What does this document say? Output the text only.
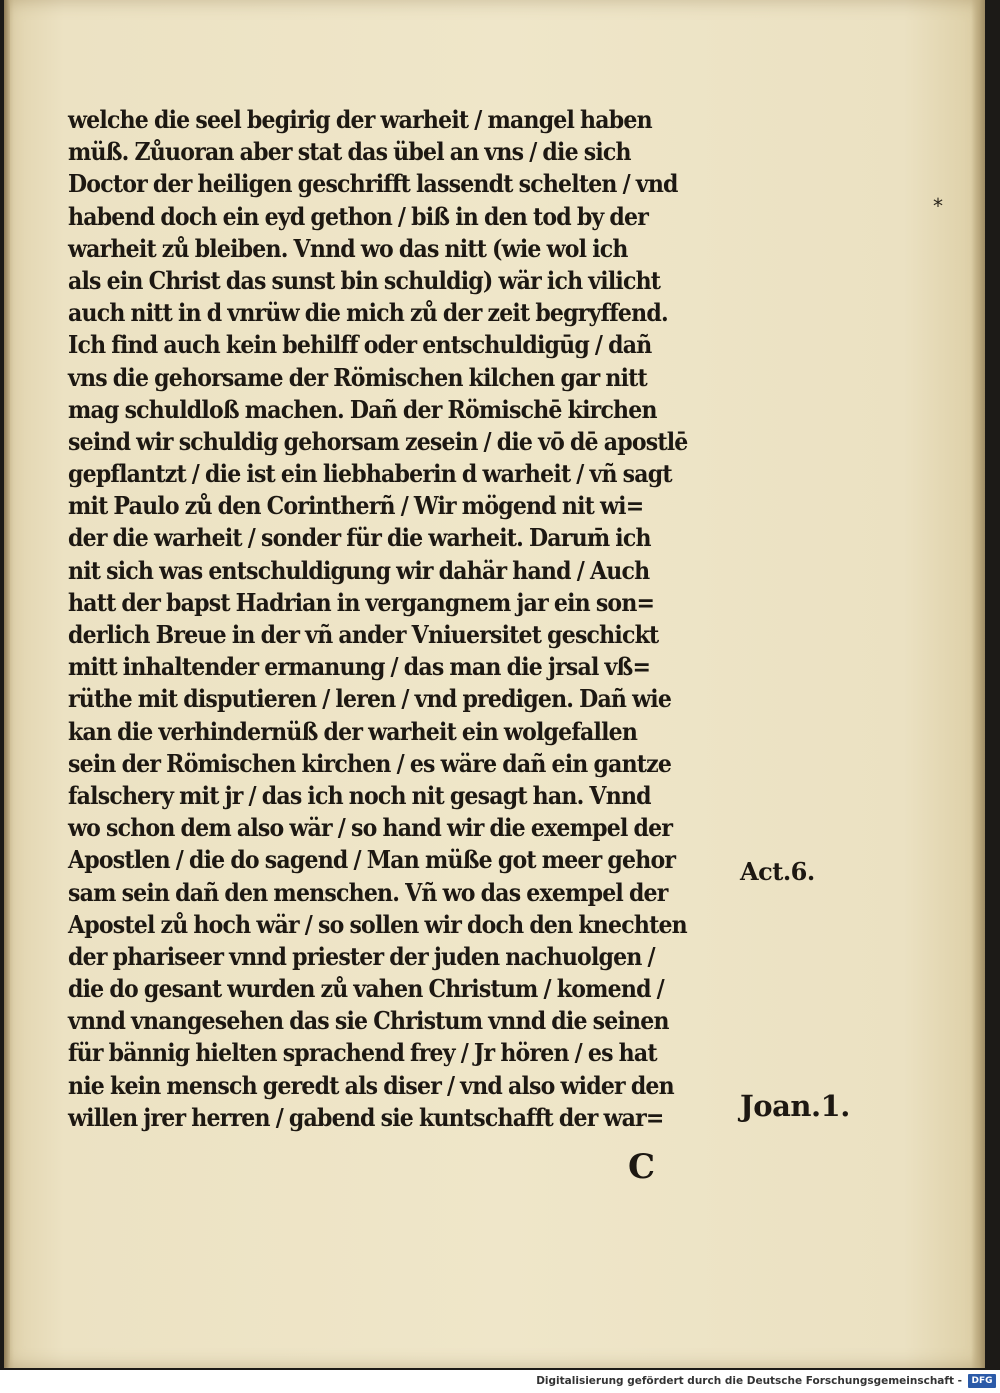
welche die seel begirig der warheit / mangel haben
müß. Zůuoran aber stat das übel an vns / die sich
Doctor der heiligen geschrifft lassendt schelten / vnd
habend doch ein eyd gethon / biß in den tod by der
warheit zů bleiben. Vnnd wo das nitt (wie wol ich
als ein Christ das sunst bin schuldig) wär ich vilicht
auch nitt in d vnrüw die mich zů der zeit begryffend.
Ich find auch kein behilff oder entschuldigūg / dañ
vns die gehorsame der Römischen kilchen gar nitt
mag schuldloß machen. Dañ der Römischē kirchen
seind wir schuldig gehorsam zesein / die vō dē apostlē
gepflantzt / die ist ein liebhaberin d warheit / vñ sagt
mit Paulo zů den Corintherñ / Wir mögend nit wi=
der die warheit / sonder für die warheit. Darum̄ ich
nit sich was entschuldigung wir dahär hand / Auch
hatt der bapst Hadrian in vergangnem jar ein son=
derlich Breue in der vñ ander Vniuersitet geschickt
mitt inhaltender ermanung / das man die jrsal vß=
rüthe mit disputieren / leren / vnd predigen. Dañ wie
kan die verhindernüß der warheit ein wolgefallen
sein der Römischen kirchen / es wäre dañ ein gantze
falschery mit jr / das ich noch nit gesagt han. Vnnd
wo schon dem also wär / so hand wir die exempel der
Apostlen / die do sagend / Man müße got meer gehor
sam sein dañ den menschen. Vñ wo das exempel der
Apostel zů hoch wär / so sollen wir doch den knechten
der phariseer vnnd priester der juden nachuolgen /
die do gesant wurden zů vahen Christum / komend /
vnnd vnangesehen das sie Christum vnnd die seinen
für bännig hielten sprachend frey / Jr hören / es hat
nie kein mensch geredt als diser / vnd also wider den
willen jrer herren / gabend sie kuntschafft der war=
*
Act.6.
Joan.1.
C
Digitalisierung gefördert durch die Deutsche Forschungsgemeinschaft -	DFG
